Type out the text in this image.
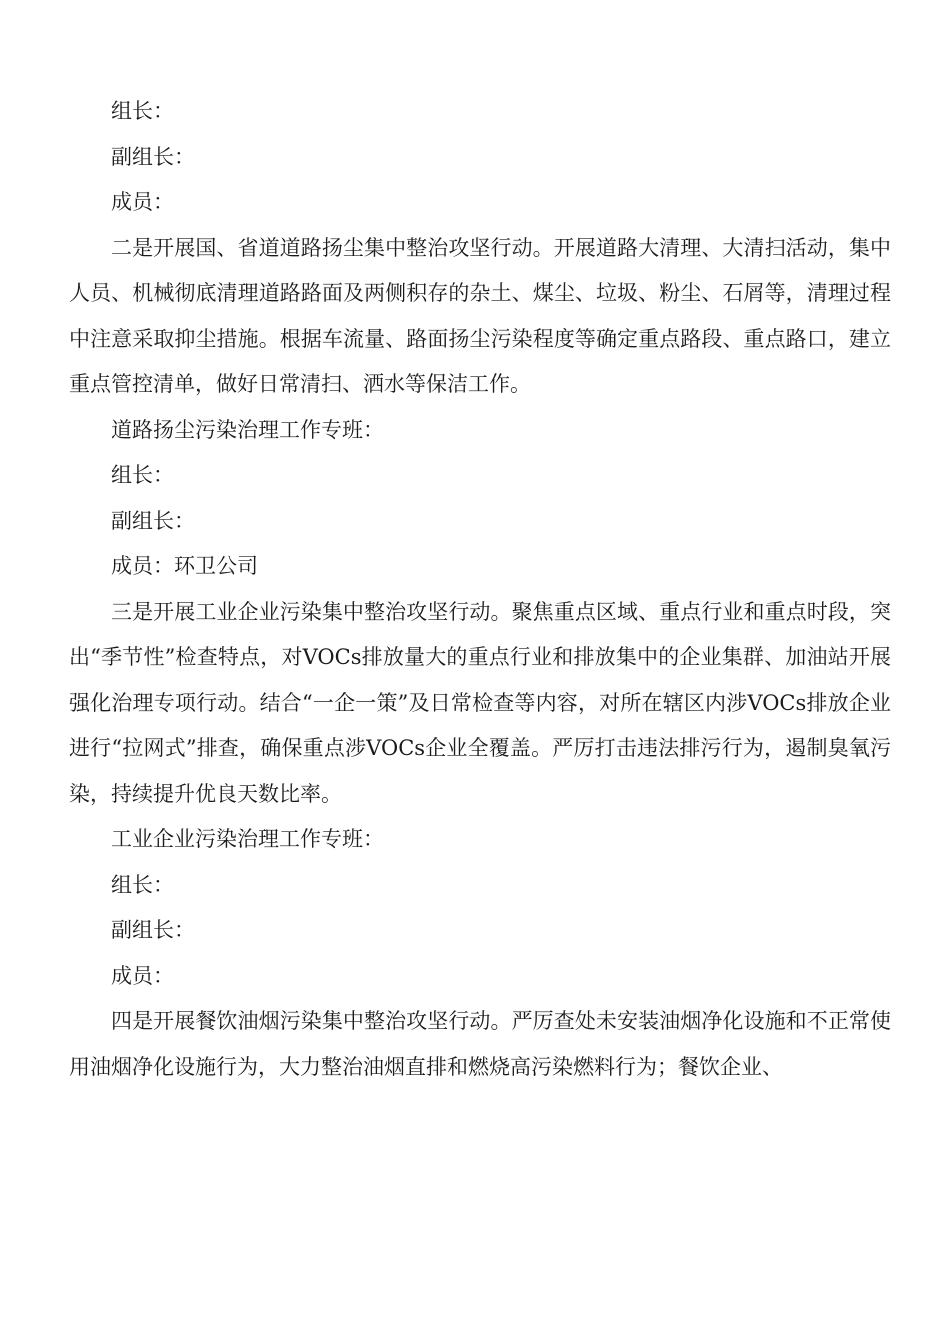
组长：

副组长：

成员：

二是开展国、省道道路扬尘集中整治攻坚行动。开展道路大清理、大清扫活动，集中人员、机械彻底清理道路路面及两侧积存的杂土、煤尘、垃圾、粉尘、石屑等，清理过程中注意采取抑尘措施。根据车流量、路面扬尘污染程度等确定重点路段、重点路口，建立重点管控清单，做好日常清扫、洒水等保洁工作。

道路扬尘污染治理工作专班：

组长：

副组长：

成员：环卫公司

三是开展工业企业污染集中整治攻坚行动。聚焦重点区域、重点行业和重点时段，突出“季节性”检查特点，对VOCs排放量大的重点行业和排放集中的企业集群、加油站开展强化治理专项行动。结合“一企一策”及日常检查等内容，对所在辖区内涉VOCs排放企业进行“拉网式”排查，确保重点涉VOCs企业全覆盖。严厉打击违法排污行为，遏制臭氧污染，持续提升优良天数比率。

工业企业污染治理工作专班：

组长：

副组长：

成员：

四是开展餐饮油烟污染集中整治攻坚行动。严厉查处未安装油烟净化设施和不正常使用油烟净化设施行为，大力整治油烟直排和燃烧高污染燃料行为；餐饮企业、
